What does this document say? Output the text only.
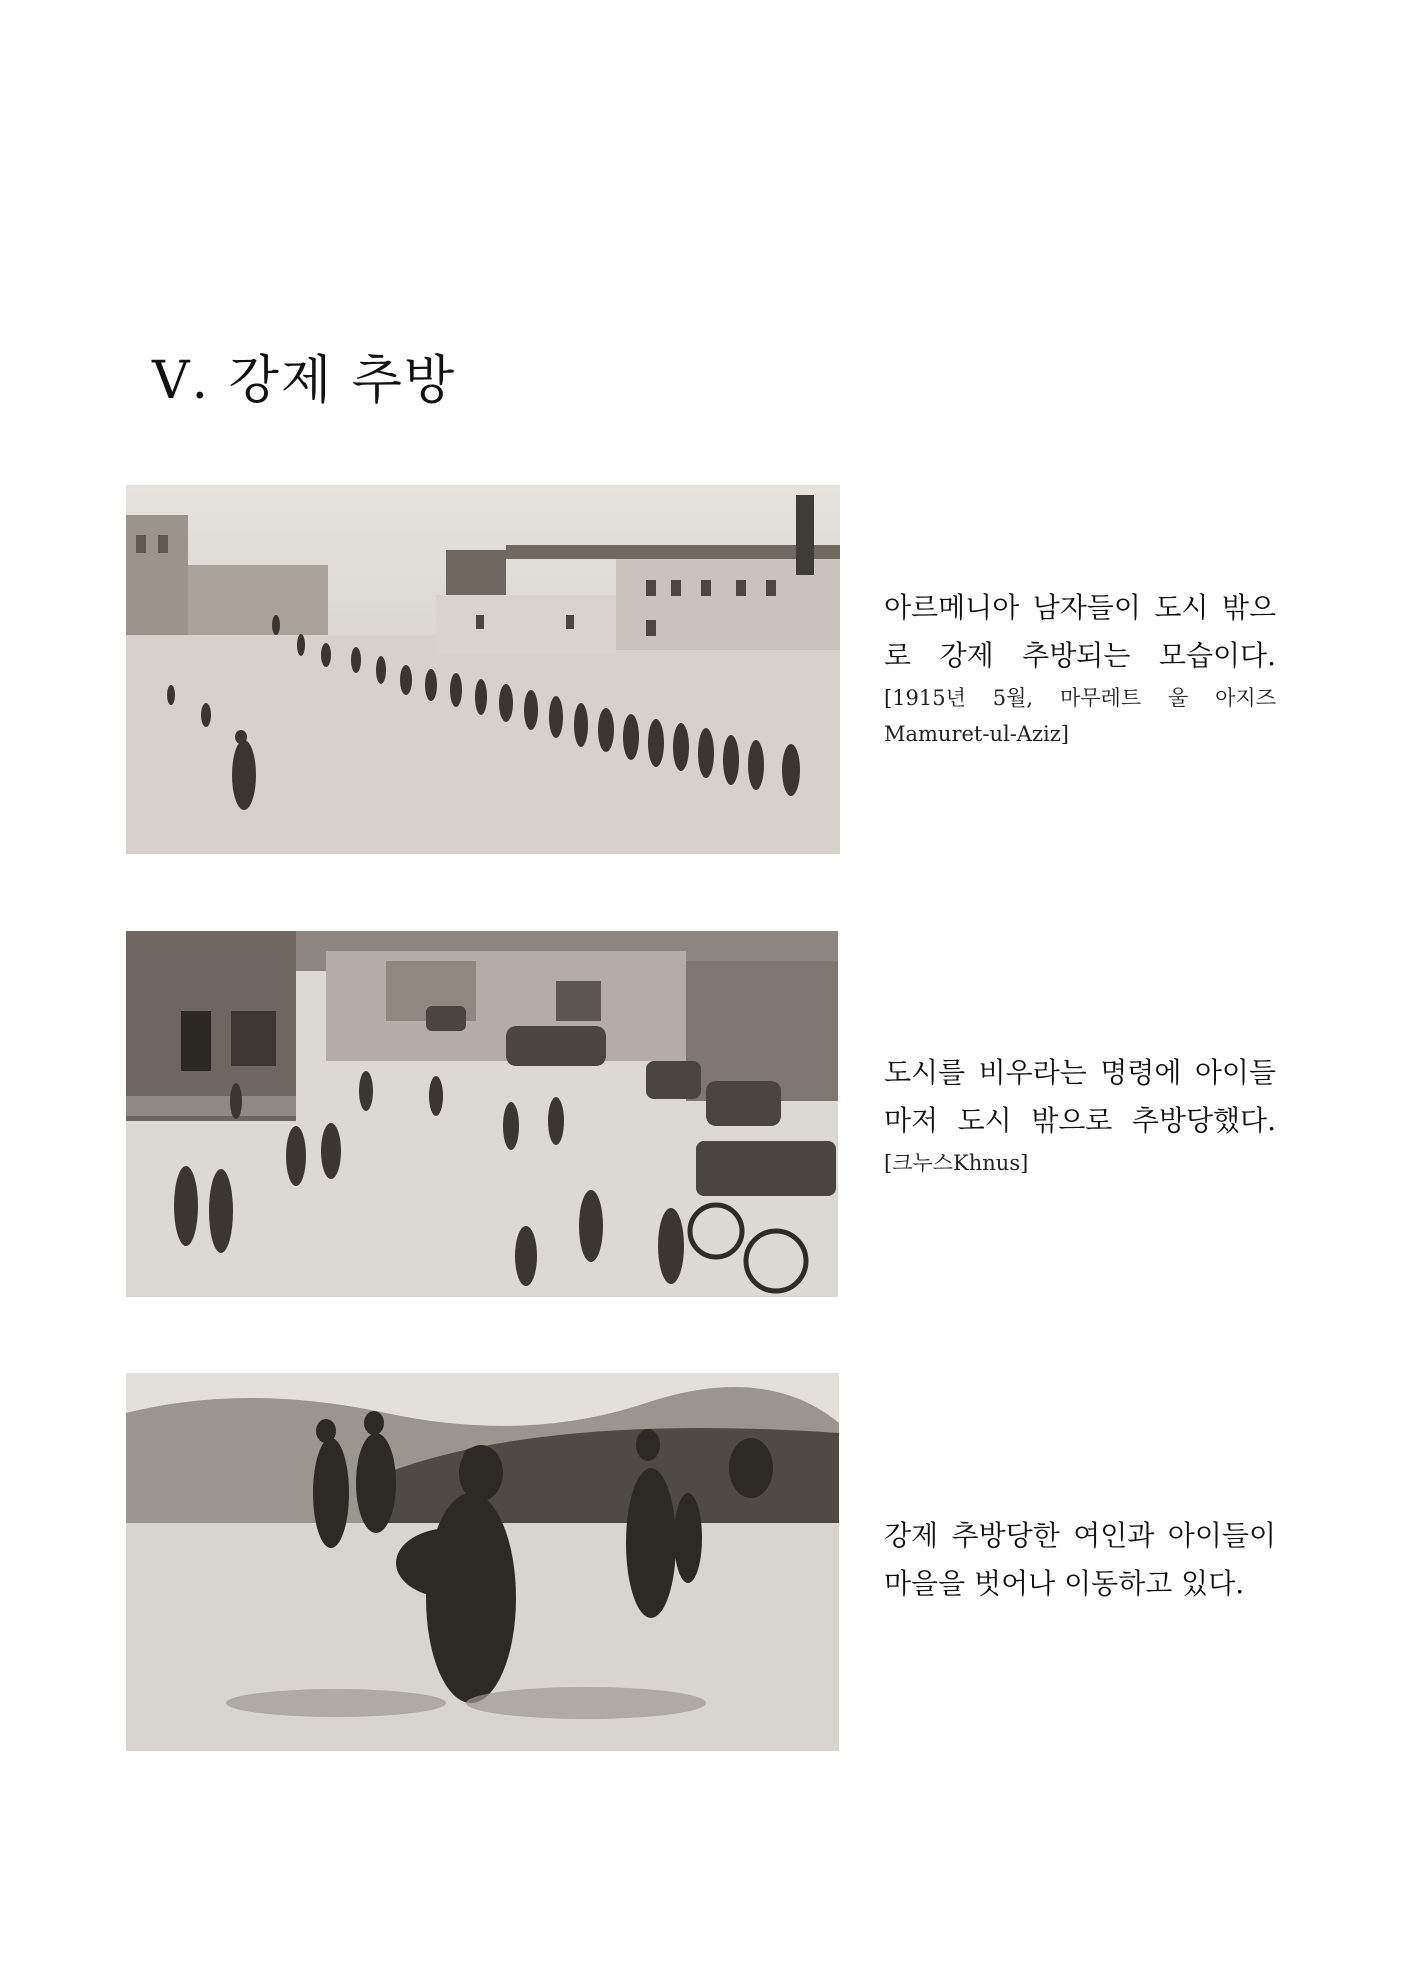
Ⅴ. 강제 추방
아르메니아 남자들이 도시 밖으
로 강제 추방되는 모습이다.
[1915년 5월, 마무레트 울 아지즈
Mamuret-ul-Aziz]
도시를 비우라는 명령에 아이들
마저 도시 밖으로 추방당했다.
[크누스Khnus]
강제 추방당한 여인과 아이들이
마을을 벗어나 이동하고 있다.
